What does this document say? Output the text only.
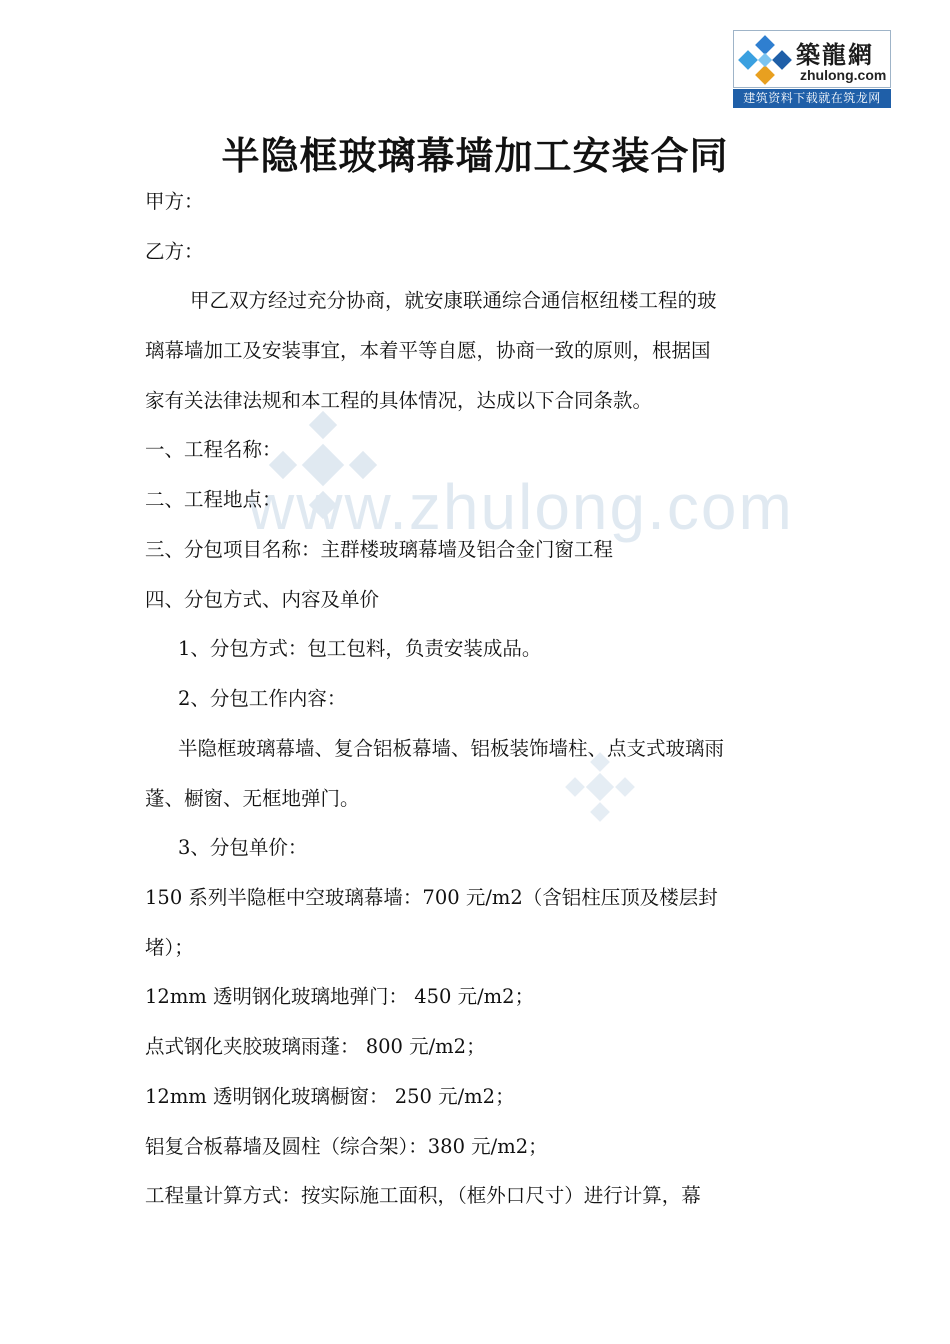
築龍網
zhulong.com
建筑资料下载就在筑龙网
www.zhulong.com
半隐框玻璃幕墙加工安装合同
甲方：
乙方：
甲乙双方经过充分协商，就安康联通综合通信枢纽楼工程的玻
璃幕墙加工及安装事宜，本着平等自愿，协商一致的原则，根据国
家有关法律法规和本工程的具体情况，达成以下合同条款。
一、工程名称：
二、工程地点：
三、分包项目名称：主群楼玻璃幕墙及铝合金门窗工程
四、分包方式、内容及单价
1、分包方式：包工包料，负责安装成品。
2、分包工作内容：
半隐框玻璃幕墙、复合铝板幕墙、铝板装饰墙柱、点支式玻璃雨
蓬、橱窗、无框地弹门。
3、分包单价：
150 系列半隐框中空玻璃幕墙：700 元/m2（含铝柱压顶及楼层封
堵）；
12mm 透明钢化玻璃地弹门： 450 元/m2；
点式钢化夹胶玻璃雨蓬： 800 元/m2；
12mm 透明钢化玻璃橱窗： 250 元/m2；
铝复合板幕墙及圆柱（综合架）：380 元/m2；
工程量计算方式：按实际施工面积，（框外口尺寸）进行计算，幕
